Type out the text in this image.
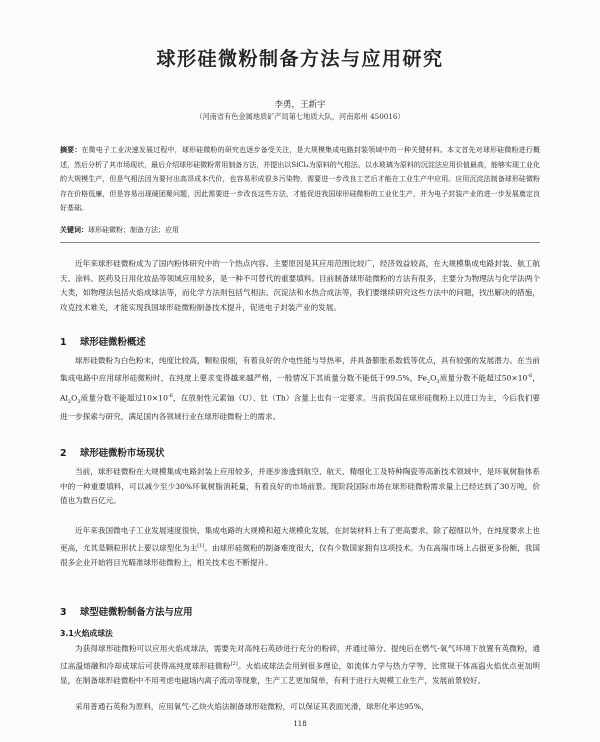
球形硅微粉制备方法与应用研究
李勇，王新宇
（河南省有色金属地质矿产局第七地质大队，河南郑州 450016）
摘要：在微电子工业决速发展过程中，球形硅微粉的研究也逐步备受关注，是大规模集成电路封装领域中的一种关键材料。本文首先对球形硅微粉进行概述，然后分析了其市场现状，最后介绍球形硅微粉常用制备方法，并提出以SiCl₄为原料的气相法、以水玻璃为原料的沉淀法应用价值最高，能够实现工业化的大规模生产，但是气相法因为要付出高昂成本代价，也容易形成很多污染物，需要进一步改良工艺后才能在工业生产中应用。应用沉淀法制备球形硅微粉存在价格低廉，但是容易出现硬团聚问题，因此需要进一步改良这些方法，才能促进我国球形硅微粉的工业化生产，并为电子封装产业的进一步发展奠定良好基础。
关键词：球形硅微粉；制备方法；应用
近年来球形硅微粉成为了国内粉体研究中的一个热点内容。主要原因是其应用范围比较广，经济效益较高，在大规模集成电路封装、航工航天、涂料、医药及日用化妆品等领域应用较多，是一种不可替代的重要填料。目前制备球形硅微粉的方法有很多，主要分为物理法与化学法两个大类，如物理法包括火焰成球法等，而化学方法则包括气相法、沉淀法和水热合成法等，我们要继续研究这些方法中的问题，找出解决的措施，攻克技术难关，才能实现我国球形硅微粉制备技术提升，促进电子封装产业的发展。
1 球形硅微粉概述
球形硅微粉为白色粉末，纯度比较高，颗粒很细，有着良好的介电性能与导热率，并具备膨胀系数低等优点，具有较强的发展潜力。在当前集成电路中应用球形硅微粉时，在纯度上要求变得越来越严格，一般情况下其质量分数不能低于99.5%，$Fe_2O_3$质量分数不能超过$50\times 10^{-6}$，$Al_2O_3$质量分数不能超过$10\times 10^{-6}$，在放射性元素铀（U）、钍（Th）含量上也有一定要求。当前我国在球形硅微粉上以进口为主，今后我们要进一步探索与研究，满足国内各领域行业在球形硅微粉上的需求。
2 球形硅微粉市场现状
当前，球形硅微粉在大规模集成电路封装上应用较多，并逐步渗透到航空、航天、精细化工及特种陶瓷等高新技术领域中，是环氧树脂体系中的一种重要填料，可以减少至少30%环氧树脂消耗量，有着良好的市场前景。现阶段国际市场在球形硅微粉需求量上已经达到了30万吨，价值也为数百亿元。
近年来我国微电子工业发展速度很快，集成电路的大规模和超大规模化发展，在封装材料上有了更高要求，除了超细以外，在纯度要求上也更高，尤其是颗粒形状上要以球型化为主[1]。由球形硅微粉的制备难度很大，仅有少数国家拥有这项技术。为在高端市场上占据更多份额，我国很多企业开始将目光瞄准球形硅微粉上，相关技术也不断提升。
3 球型硅微粉制备方法与应用
3.1火焰成球法
为获得球形硅微粉可以应用火焰成球法，需要先对高纯石英砂进行充分的粉碎，并通过筛分、提纯后在燃气-氧气环境下放置有英微粉，通过高温熔融和冷却成球后可获得高纯度球形硅微粉[2]。火焰成球法会用到很多理论，如流体力学与热力学等，比常规干体高温火焰优点更加明显，在制备球形硅微粉中不用考虑电磁场内离子流动等现象，生产工艺更加简单，有利于进行大规模工业生产，发展前景较好。
采用普通石英粉为原料，应用氧气-乙炔火焰法制备球形硅微粉，可以保证其表面光滑，球形化率达95%，
118
